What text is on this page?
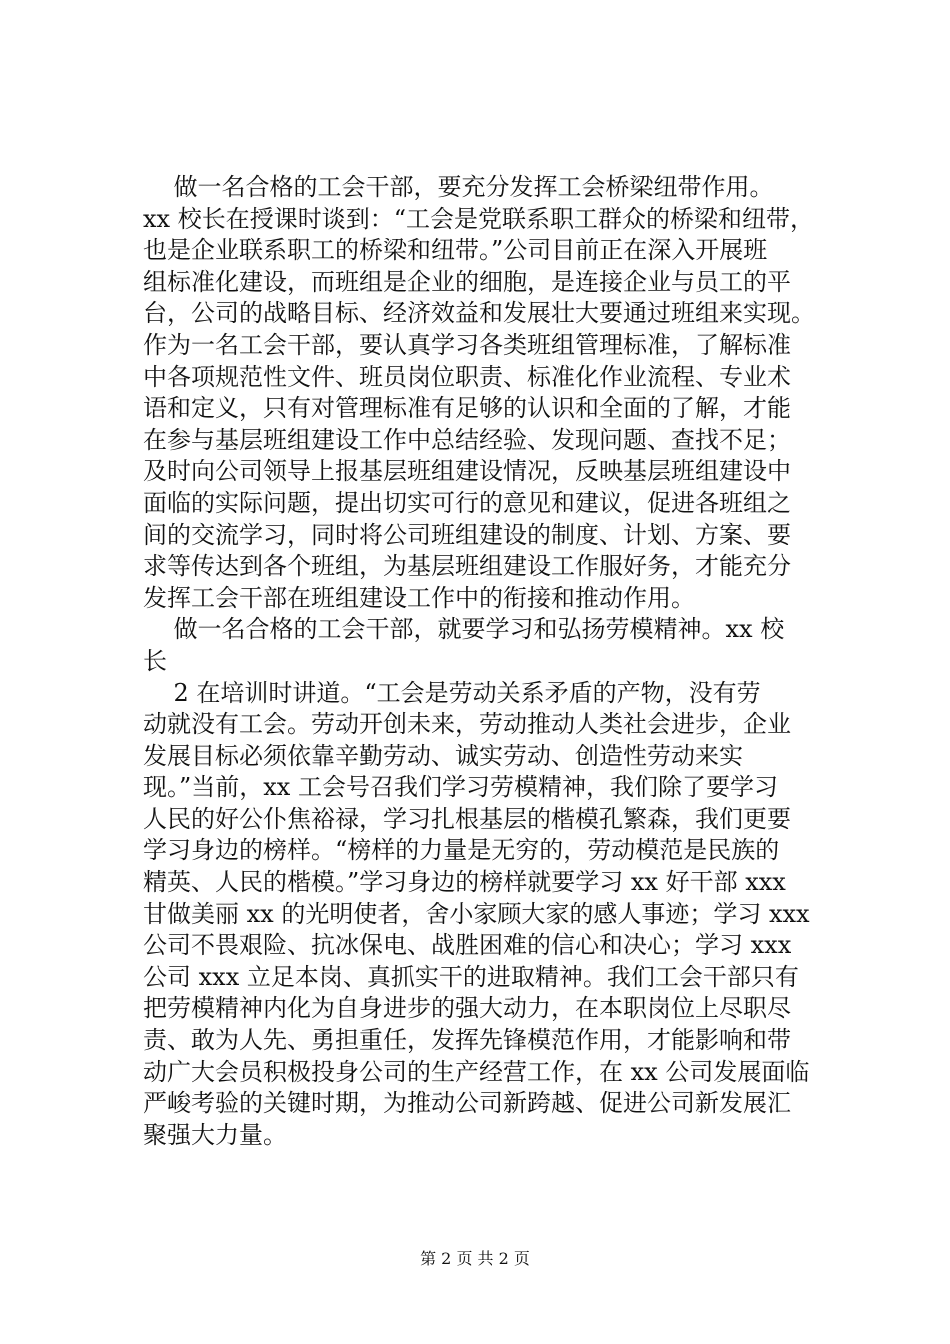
做一名合格的工会干部，要充分发挥工会桥梁纽带作用。
xx 校长在授课时谈到：“工会是党联系职工群众的桥梁和纽带，
也是企业联系职工的桥梁和纽带。”公司目前正在深入开展班
组标准化建设，而班组是企业的细胞，是连接企业与员工的平
台，公司的战略目标、经济效益和发展壮大要通过班组来实现。
作为一名工会干部，要认真学习各类班组管理标准，了解标准
中各项规范性文件、班员岗位职责、标准化作业流程、专业术
语和定义，只有对管理标准有足够的认识和全面的了解，才能
在参与基层班组建设工作中总结经验、发现问题、查找不足；
及时向公司领导上报基层班组建设情况，反映基层班组建设中
面临的实际问题，提出切实可行的意见和建议，促进各班组之
间的交流学习，同时将公司班组建设的制度、计划、方案、要
求等传达到各个班组，为基层班组建设工作服好务，才能充分
发挥工会干部在班组建设工作中的衔接和推动作用。
做一名合格的工会干部，就要学习和弘扬劳模精神。xx 校
长
2 在培训时讲道。“工会是劳动关系矛盾的产物，没有劳
动就没有工会。劳动开创未来，劳动推动人类社会进步，企业
发展目标必须依靠辛勤劳动、诚实劳动、创造性劳动来实
现。”当前，xx 工会号召我们学习劳模精神，我们除了要学习
人民的好公仆焦裕禄，学习扎根基层的楷模孔繁森，我们更要
学习身边的榜样。“榜样的力量是无穷的，劳动模范是民族的
精英、人民的楷模。”学习身边的榜样就要学习 xx 好干部 xxx
甘做美丽 xx 的光明使者，舍小家顾大家的感人事迹；学习 xxx
公司不畏艰险、抗冰保电、战胜困难的信心和决心；学习 xxx
公司 xxx 立足本岗、真抓实干的进取精神。我们工会干部只有
把劳模精神内化为自身进步的强大动力，在本职岗位上尽职尽
责、敢为人先、勇担重任，发挥先锋模范作用，才能影响和带
动广大会员积极投身公司的生产经营工作，在 xx 公司发展面临
严峻考验的关键时期，为推动公司新跨越、促进公司新发展汇
聚强大力量。
第 2 页 共 2 页
